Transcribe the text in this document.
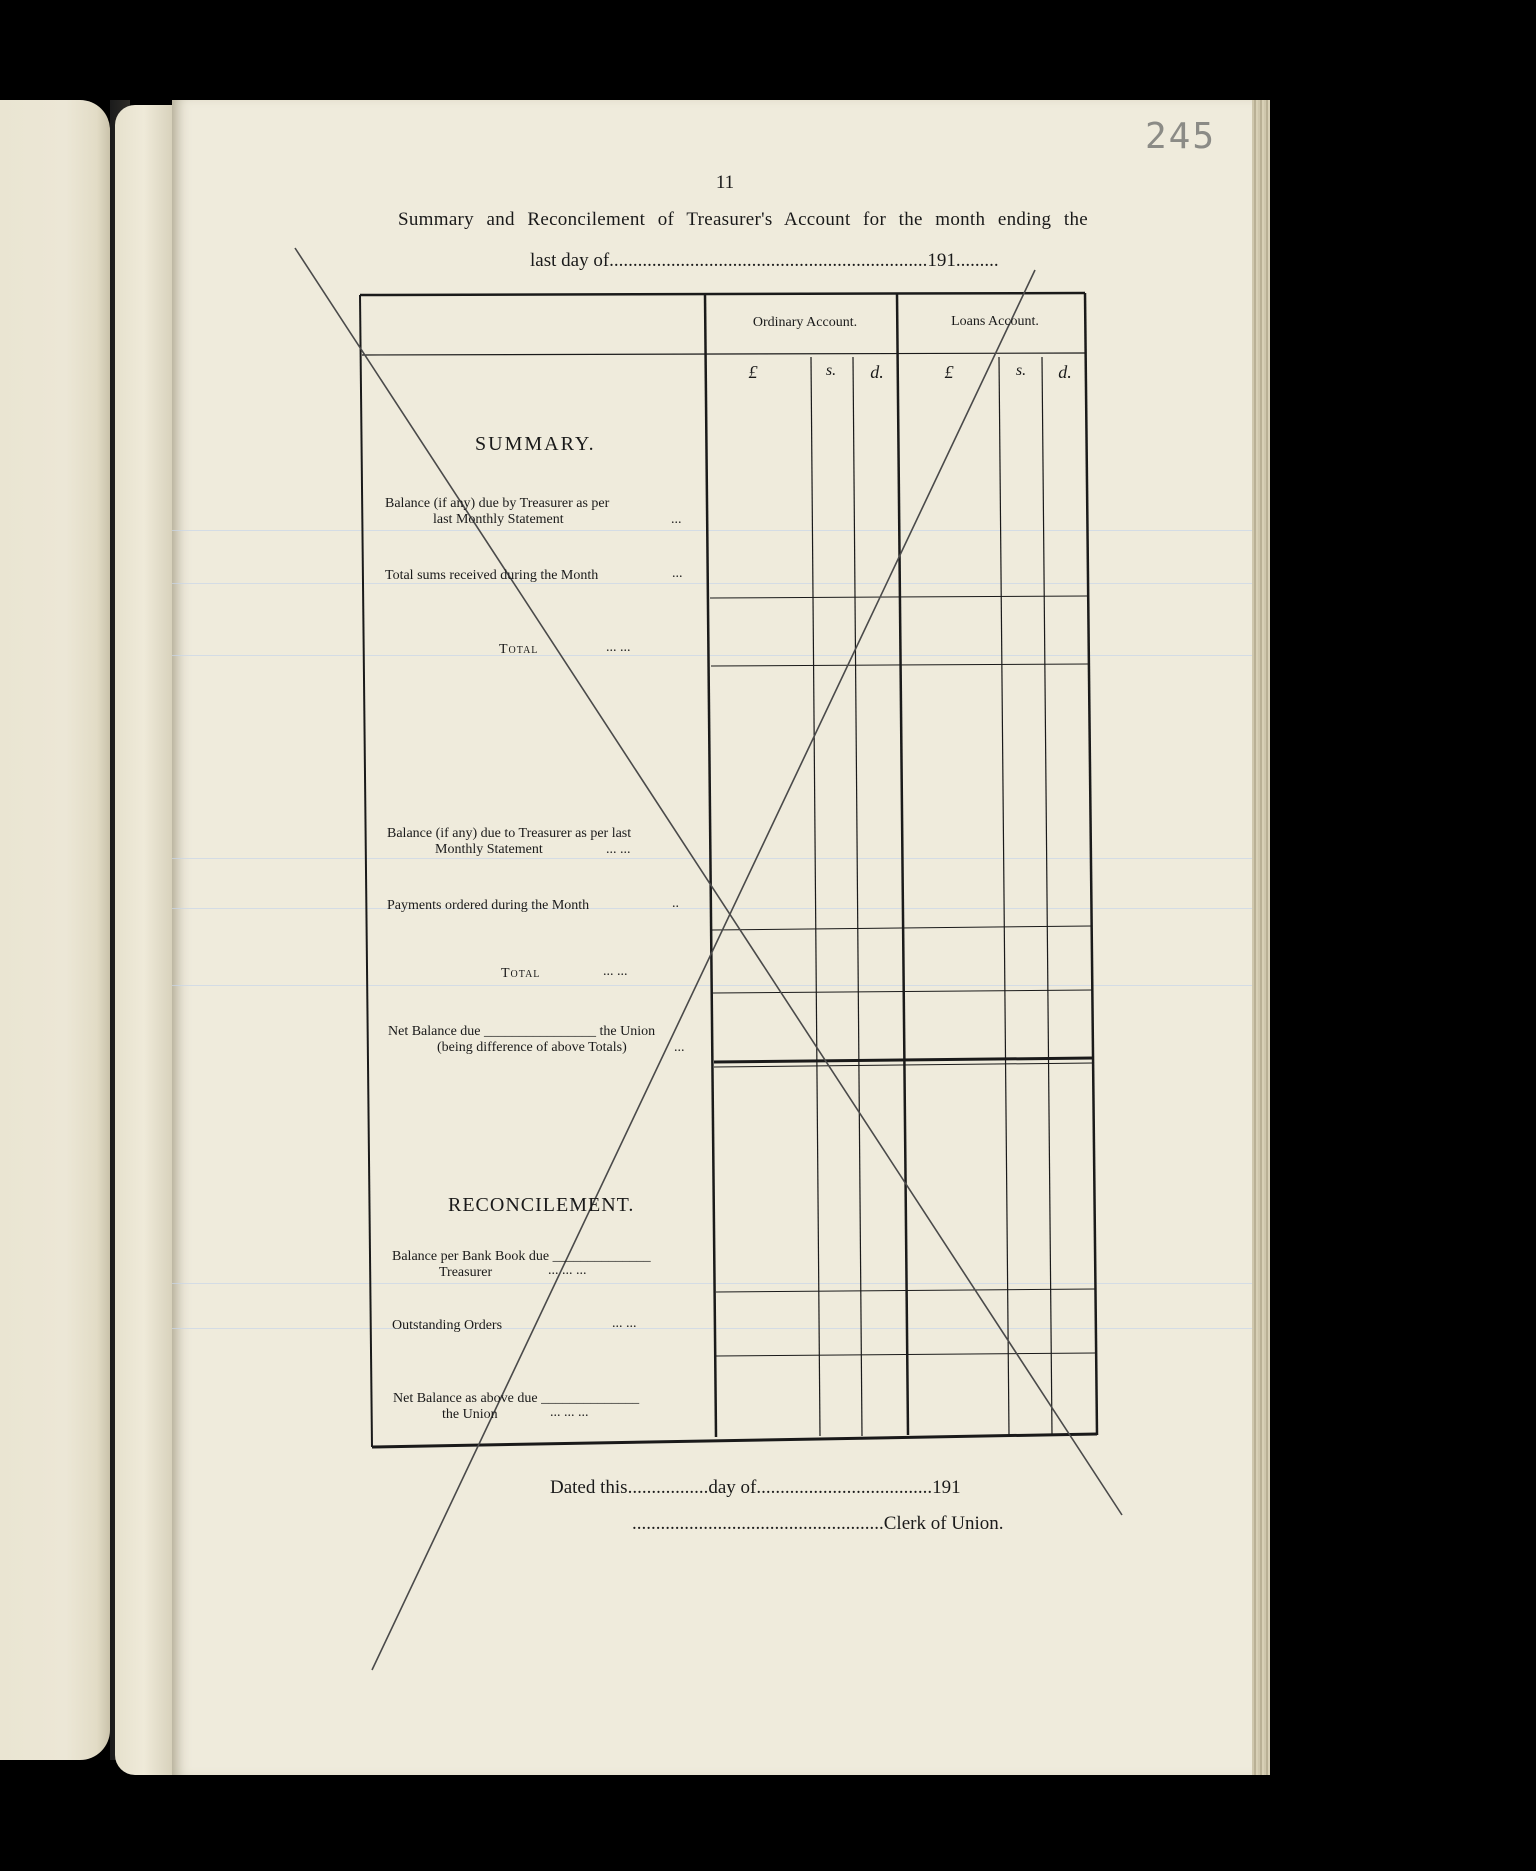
245
11
Summary and Reconcilement of Treasurer's Account for the month ending the
last day of...................................................................191.........
Ordinary Account.	Loans Account.
£	s.	d.	£	s.	d.
SUMMARY.
Balance (if any) due by Treasurer as per
last Monthly Statement	...
Total sums received during the Month	...
Total	... ...
Balance (if any) due to Treasurer as per last
Monthly Statement	... ...
Payments ordered during the Month	..
Total	... ...
Net Balance due ________________ the Union
(being difference of above Totals)	...
RECONCILEMENT.
Balance per Bank Book due ______________
Treasurer	... ... ...
Outstanding Orders	... ...
Net Balance as above due ______________
the Union	... ... ...
Dated this.................day of.....................................191
.....................................................Clerk of Union.
